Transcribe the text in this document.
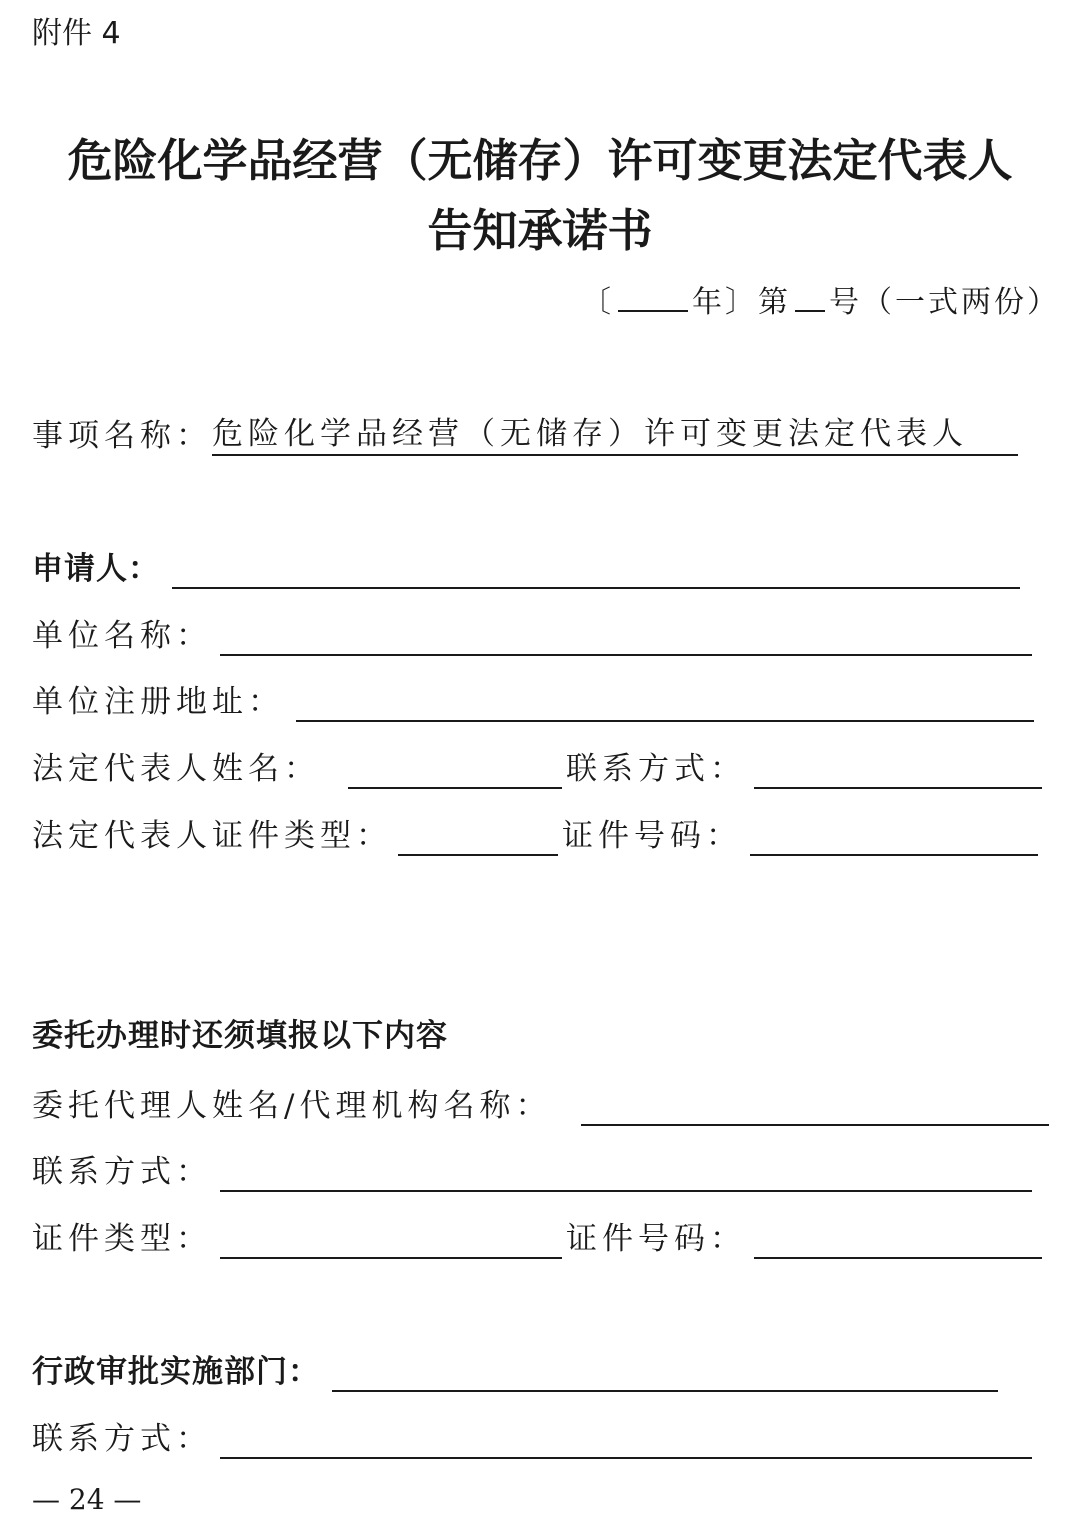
附件 4
危险化学品经营（无储存）许可变更法定代表人
告知承诺书
〔	年〕第 号（一式两份）
事项名称： 危险化学品经营（无储存）许可变更法定代表人
申请人：
单位名称：
单位注册地址：
法定代表人姓名：	联系方式：
法定代表人证件类型：	证件号码：
委托办理时还须填报以下内容
委托代理人姓名/代理机构名称：
联系方式：
证件类型：	证件号码：
行政审批实施部门：
联系方式：
— 24 —
